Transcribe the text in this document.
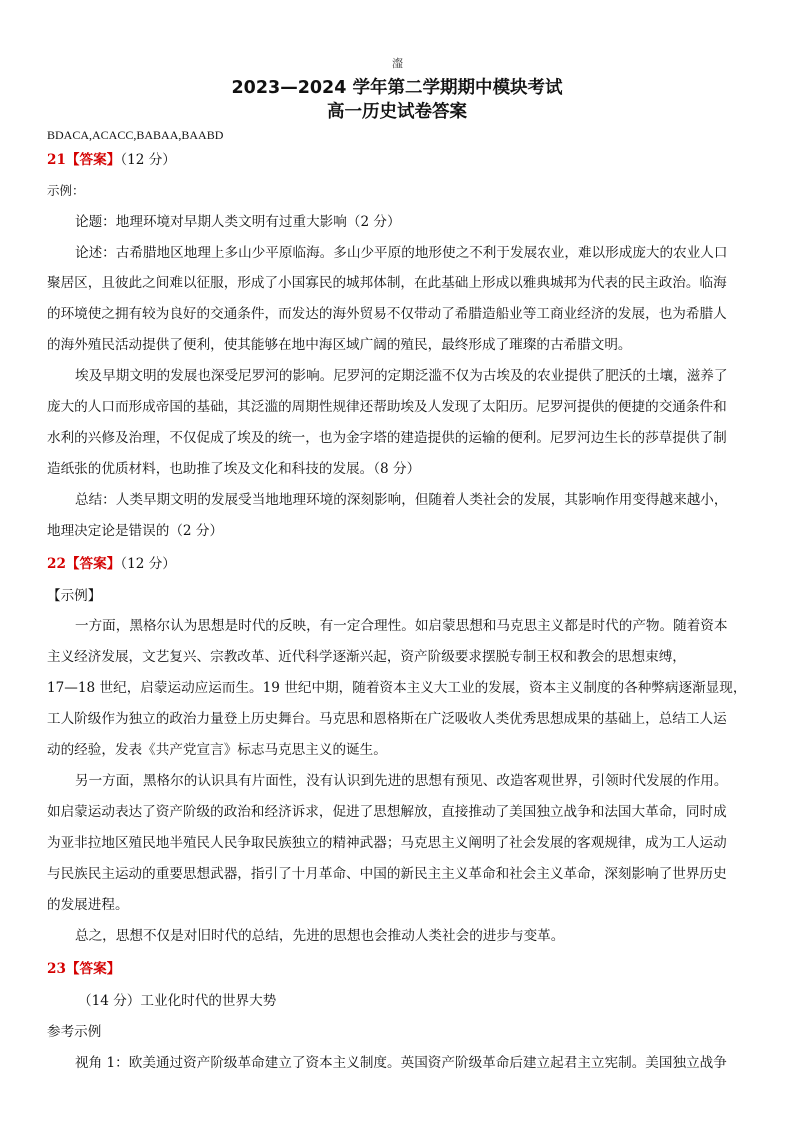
瀣
2023—2024 学年第二学期期中模块考试
高一历史试卷答案
BDACA,ACACC,BABAA,BAABD
21【答案】（12 分）
示例：
论题：地理环境对早期人类文明有过重大影响（2 分）
论述：古希腊地区地理上多山少平原临海。多山少平原的地形使之不利于发展农业，难以形成庞大的农业人口
聚居区，且彼此之间难以征服，形成了小国寡民的城邦体制，在此基础上形成以雅典城邦为代表的民主政治。临海
的环境使之拥有较为良好的交通条件，而发达的海外贸易不仅带动了希腊造船业等工商业经济的发展，也为希腊人
的海外殖民活动提供了便利，使其能够在地中海区域广阔的殖民，最终形成了璀璨的古希腊文明。
埃及早期文明的发展也深受尼罗河的影响。尼罗河的定期泛滥不仅为古埃及的农业提供了肥沃的土壤，滋养了
庞大的人口而形成帝国的基础，其泛滥的周期性规律还帮助埃及人发现了太阳历。尼罗河提供的便捷的交通条件和
水利的兴修及治理，不仅促成了埃及的统一，也为金字塔的建造提供的运输的便利。尼罗河边生长的莎草提供了制
造纸张的优质材料，也助推了埃及文化和科技的发展。（8 分）
总结：人类早期文明的发展受当地地理环境的深刻影响，但随着人类社会的发展，其影响作用变得越来越小，
地理决定论是错误的（2 分）
22【答案】（12 分）
【示例】
一方面，黑格尔认为思想是时代的反映，有一定合理性。如启蒙思想和马克思主义都是时代的产物。随着资本
主义经济发展，文艺复兴、宗教改革、近代科学逐渐兴起，资产阶级要求摆脱专制王权和教会的思想束缚，
17—18 世纪，启蒙运动应运而生。19 世纪中期，随着资本主义大工业的发展，资本主义制度的各种弊病逐渐显现，
工人阶级作为独立的政治力量登上历史舞台。马克思和恩格斯在广泛吸收人类优秀思想成果的基础上，总结工人运
动的经验，发表《共产党宣言》标志马克思主义的诞生。
另一方面，黑格尔的认识具有片面性，没有认识到先进的思想有预见、改造客观世界，引领时代发展的作用。
如启蒙运动表达了资产阶级的政治和经济诉求，促进了思想解放，直接推动了美国独立战争和法国大革命，同时成
为亚非拉地区殖民地半殖民人民争取民族独立的精神武器；马克思主义阐明了社会发展的客观规律，成为工人运动
与民族民主运动的重要思想武器，指引了十月革命、中国的新民主主义革命和社会主义革命，深刻影响了世界历史
的发展进程。
总之，思想不仅是对旧时代的总结，先进的思想也会推动人类社会的进步与变革。
23【答案】
（14 分）工业化时代的世界大势
参考示例
视角 1：欧美通过资产阶级革命建立了资本主义制度。英国资产阶级革命后建立起君主立宪制。美国独立战争
